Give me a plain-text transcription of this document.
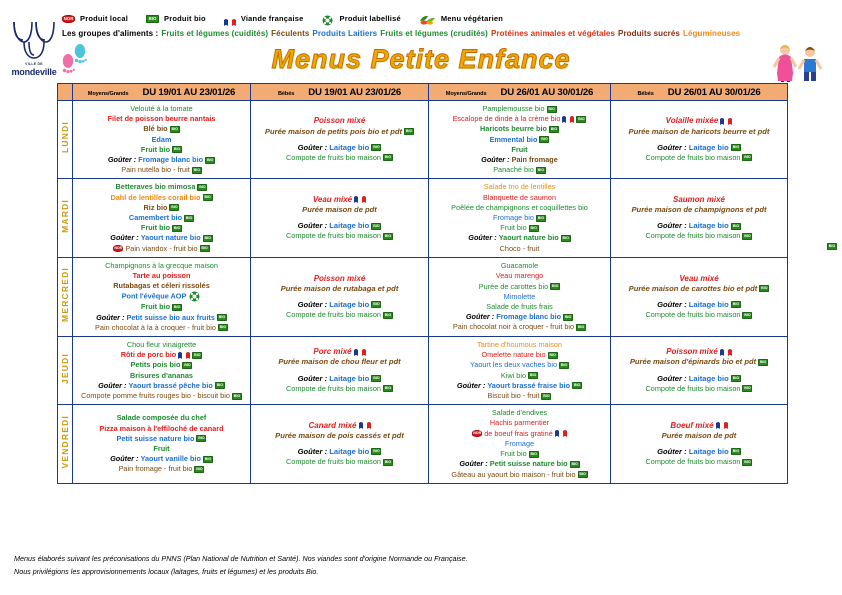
VILLE DE
mondeville
NOR Produit local	BIO	Produit bio	Viande française	Produit labellisé	Menu végétarien
Les groupes d'aliments : Fruits et légumes (cuidités) Féculents Produits Laitiers Fruits et légumes (crudités) Protéines animales et végétales Produits sucrés Légumineuses
Menus Petite Enfance
	Moyens/Grands DU 19/01 AU 23/01/26	Bébés DU 19/01 AU 23/01/26	Moyens/Grands DU 26/01 AU 30/01/26	Bébés DU 26/01 AU 30/01/26
LUNDI	
Velouté à la tomate
Filet de poisson beurre nantais
Blé bio BIO
Edam
Fruit bio BIO
Goûter : Fromage blanc bio BIO
Pain nutella bio - fruit BIO

Poisson mixé
Purée maison de petits pois bio et pdt BIO
Goûter : Laitage bio BIO
Compote de fruits bio maison BIO

Pamplemousse bio BIO
Escalope de dinde à la crème bio	BIO
Haricots beurre bio BIO
Emmental bio BIO
Fruit
Goûter : Pain fromage
Panaché bio BIO

Volaille mixée
Purée maison de haricots beurre et pdt
Goûter : Laitage bio BIO
Compote de fruits bio maison BIO

MARDI	
Betteraves bio mimosa BIO
Dahl de lentilles corail bio BIO
Riz bio BIO
Camembert bio BIO
Fruit bio BIO
Goûter : Yaourt nature bio BIO
NOR Pain viandox - fruit bio BIO

Veau mixé
Purée maison de pdt
Goûter : Laitage bio BIO
Compote de fruits bio maison BIO

Salade trio de lentilles
Blanquette de saumon
Poêlée de champignons et coquillettes bio
Fromage bio BIO
Fruit bio BIO
Goûter : Yaourt nature bio BIO
Choco - fruit

Saumon mixé
Purée maison de champignons et pdt
Goûter : Laitage bio BIO
Compote de fruits bio maison BIO

MERCREDI	
Champignons à la grecque maison
Tarte au poisson
Rutabagas et céleri rissolés
Pont l'évêque AOP
Fruit bio BIO
Goûter : Petit suisse bio aux fruits BIO
Pain chocolat à la à croquer - fruit bio BIO

Poisson mixé
Purée maison de rutabaga et pdt
Goûter : Laitage bio BIO
Compote de fruits bio maison BIO

Guacamole
Veau marengo
Purée de carottes bio BIO
Mimolette
Salade de fruits frais
Goûter : Fromage blanc bio BIO
Pain chocolat noir à croquer - fruit bio BIO

Veau mixé
Purée maison de carottes bio et pdt BIO
Goûter : Laitage bio BIO
Compote de fruits bio maison BIO

JEUDI	
Chou fleur vinaigrette
Rôti de porc bio	BIO
Petits pois bio BIO
Brisures d'ananas
Goûter : Yaourt brassé pêche bio BIO
Compote pomme fruits rouges bio - biscuit bio BIO

Porc mixé
Purée maison de chou fleur et pdt
Goûter : Laitage bio BIO
Compote de fruits bio maison BIO

Tartine d'houmous maison
Omelette nature bio BIO
Yaourt les deux vaches bio BIO
Kiwi bio BIO
Goûter : Yaourt brassé fraise bio BIO
Biscuit bio - fruit BIO

Poisson mixé
Purée maison d'épinards bio et pdt BIO
Goûter : Laitage bio BIO
Compote de fruits bio maison BIO

VENDREDI	Salade composée du chef
Pizza maison à l'effiloché de canard
Petit suisse nature bio BIO
Fruit
Goûter : Yaourt vanille bio BIO
Pain fromage - fruit bio BIO

Canard mixé
Purée maison de pois cassés et pdt
Goûter : Laitage bio BIO
Compote de fruits bio maison BIO

Salade d'endives
Hachis parmentier
NOR de boeuf frais gratiné
Fromage
Fruit bio BIO
Goûter : Petit suisse nature bio BIO
Gâteau au yaourt bio maison - fruit bio BIO

Boeuf mixé
Purée maison de pdt
Goûter : Laitage bio BIO
Compote de fruits bio maison BIO
BIO
Menus élaborés suivant les préconisations du PNNS (Plan National de Nutrition et Santé). Nos viandes sont d'origine Normande ou Française.
Nous privilégions les approvisionnements locaux (laitages, fruits et légumes) et les produits Bio.
